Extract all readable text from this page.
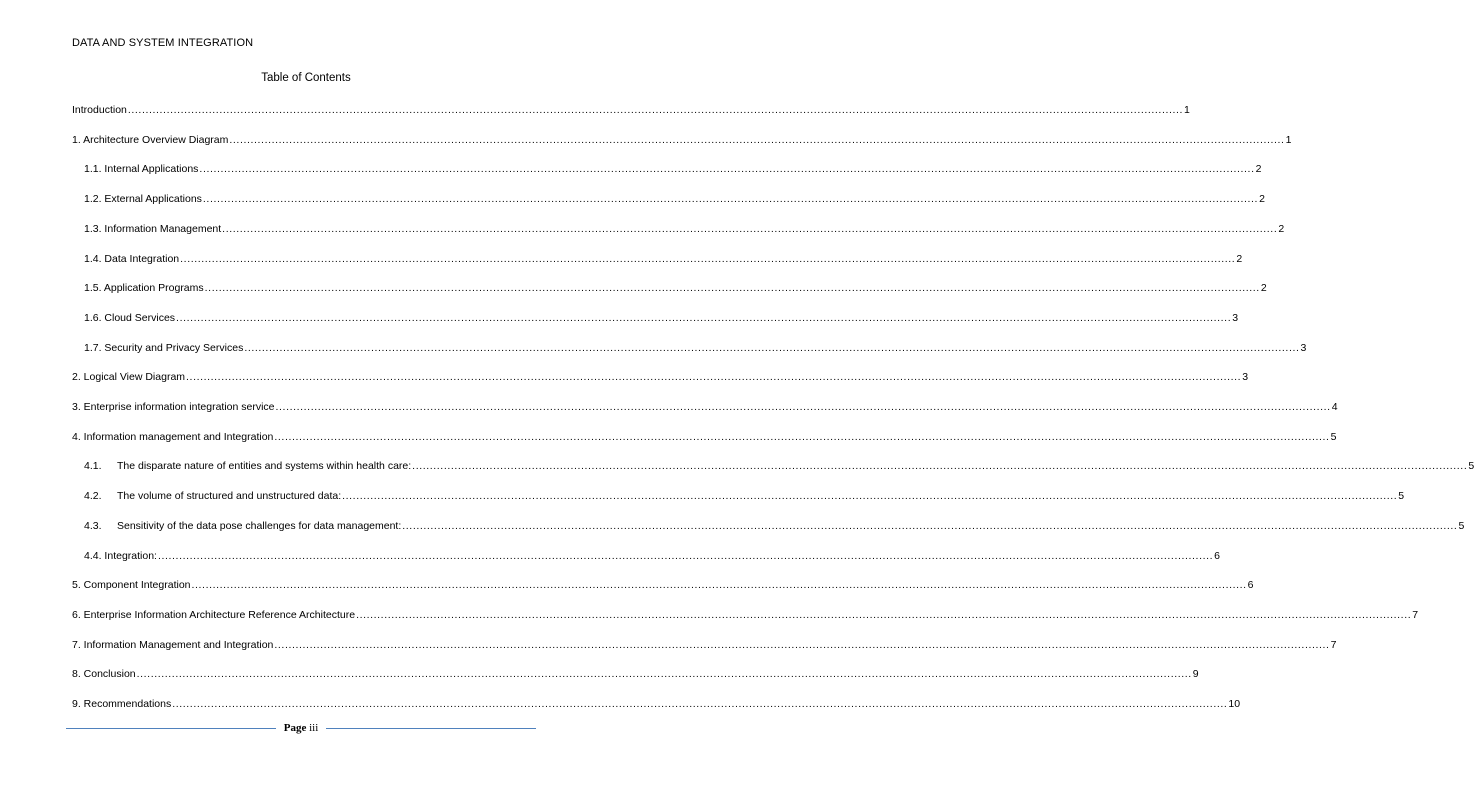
DATA AND SYSTEM INTEGRATION
Table of Contents
Introduction ............................................................................................................................................................................................................................................................................................................ 1
1. Architecture Overview Diagram ............................................................................................................................................................................................................................................................................................................ 1
1.1. Internal Applications ............................................................................................................................................................................................................................................................................................................ 2
1.2. External Applications ............................................................................................................................................................................................................................................................................................................ 2
1.3. Information Management ............................................................................................................................................................................................................................................................................................................ 2
1.4. Data Integration ............................................................................................................................................................................................................................................................................................................ 2
1.5. Application Programs ............................................................................................................................................................................................................................................................................................................ 2
1.6. Cloud Services ............................................................................................................................................................................................................................................................................................................ 3
1.7. Security and Privacy Services ............................................................................................................................................................................................................................................................................................................ 3
2. Logical View Diagram ............................................................................................................................................................................................................................................................................................................ 3
3. Enterprise information integration service ............................................................................................................................................................................................................................................................................................................ 4
4. Information management and Integration ............................................................................................................................................................................................................................................................................................................ 5
4.1.	The disparate nature of entities and systems within health care: ............................................................................................................................................................................................................................................................................................................ 5
4.2.	The volume of structured and unstructured data: ............................................................................................................................................................................................................................................................................................................ 5
4.3.	Sensitivity of the data pose challenges for data management: ............................................................................................................................................................................................................................................................................................................ 5
4.4. Integration: ............................................................................................................................................................................................................................................................................................................ 6
5. Component Integration ............................................................................................................................................................................................................................................................................................................ 6
6. Enterprise Information Architecture Reference Architecture ............................................................................................................................................................................................................................................................................................................ 7
7. Information Management and Integration ............................................................................................................................................................................................................................................................................................................ 7
8. Conclusion ............................................................................................................................................................................................................................................................................................................ 9
9. Recommendations ............................................................................................................................................................................................................................................................................................................ 10
Page iii
